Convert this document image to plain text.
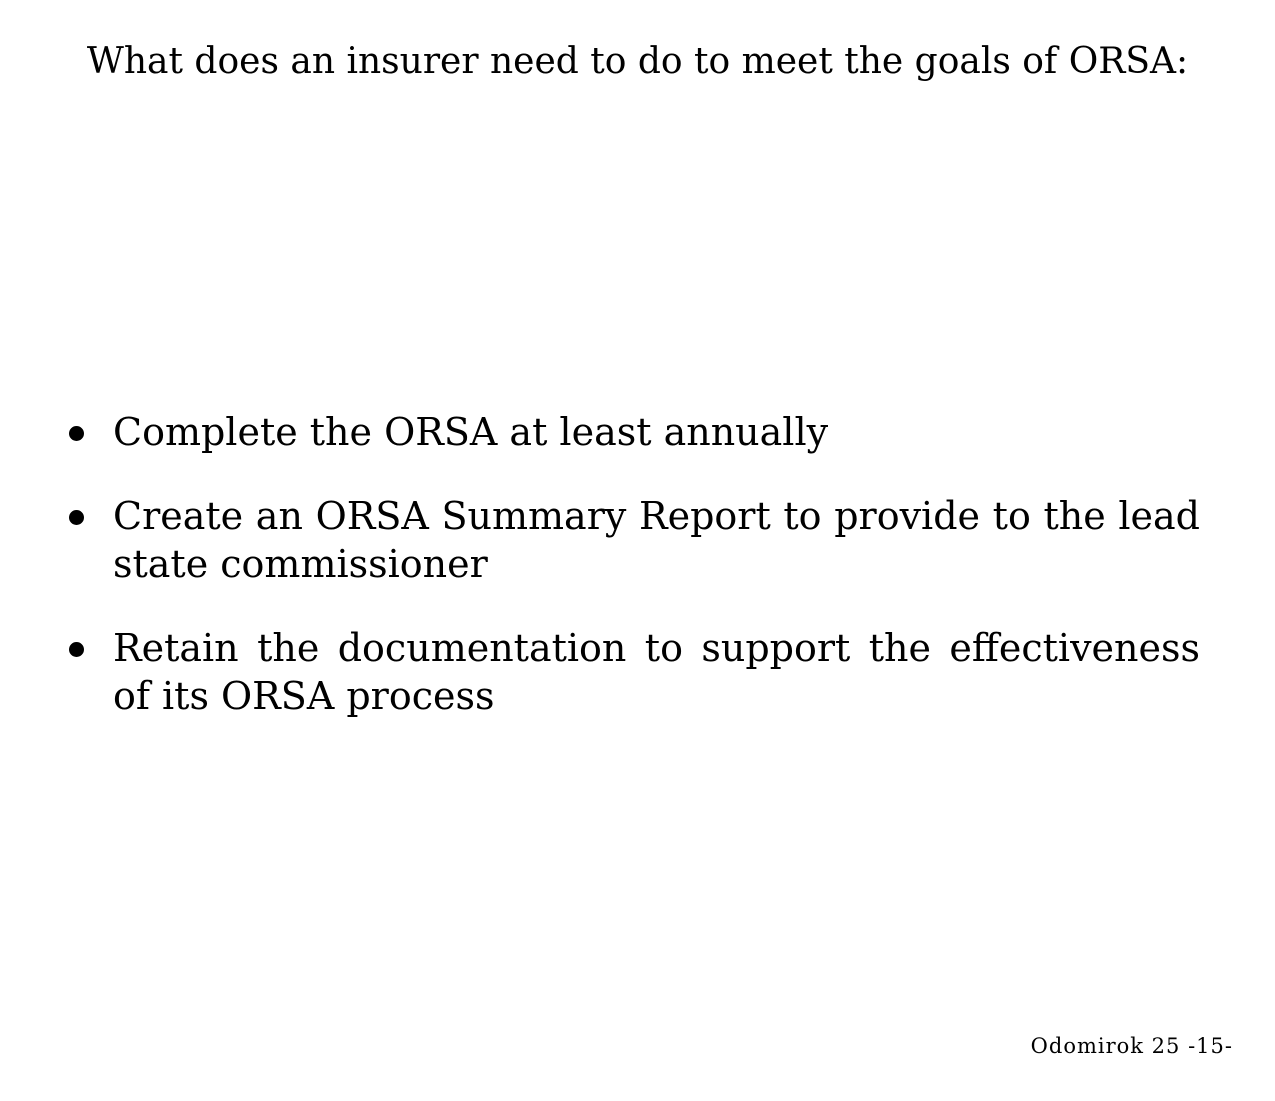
What does an insurer need to do to meet the goals of ORSA:
Complete the ORSA at least annually
Create an ORSA Summary Report to provide to the lead state commissioner
Retain the documentation to support the effectiveness of its ORSA process
Odomirok 25 -15-
